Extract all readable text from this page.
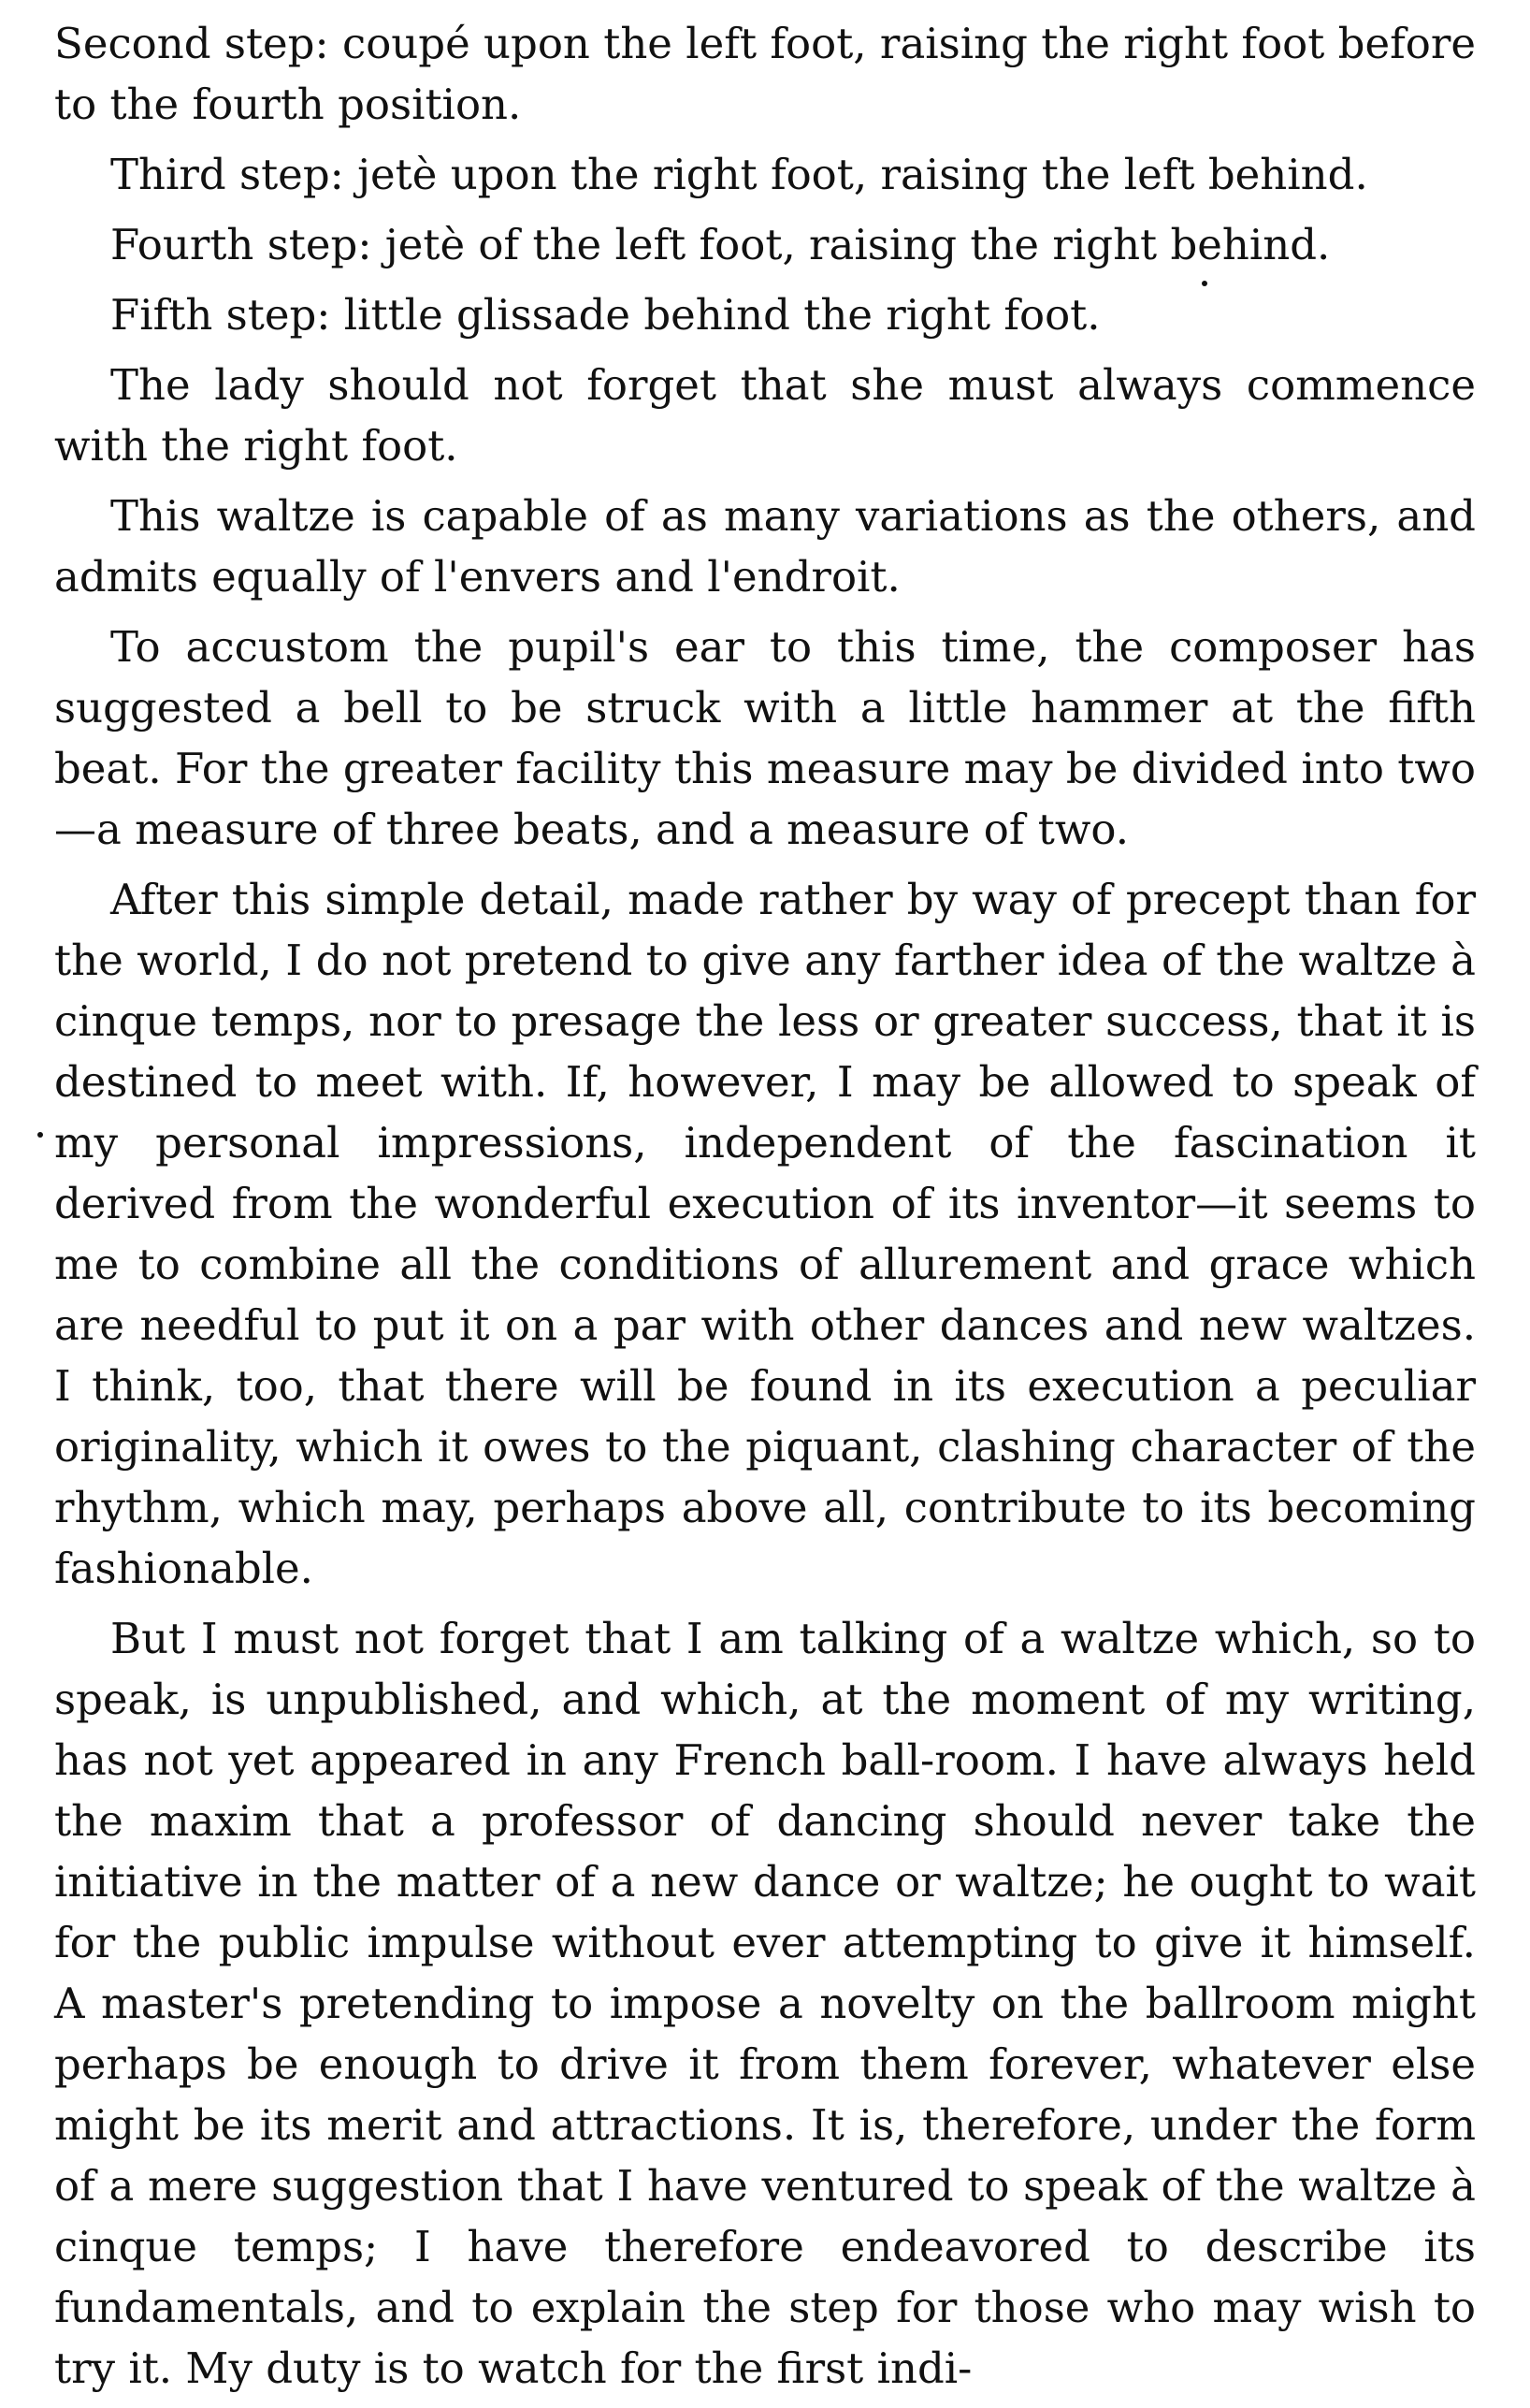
Second step: coupé upon the left foot, raising the right foot before to the fourth position.

Third step: jetè upon the right foot, raising the left behind.

Fourth step: jetè of the left foot, raising the right behind.

Fifth step: little glissade behind the right foot.

The lady should not forget that she must always commence with the right foot.

This waltze is capable of as many variations as the others, and admits equally of l'envers and l'endroit.

To accustom the pupil's ear to this time, the composer has suggested a bell to be struck with a little hammer at the fifth beat. For the greater facility this measure may be divided into two—a measure of three beats, and a measure of two.

After this simple detail, made rather by way of precept than for the world, I do not pretend to give any farther idea of the waltze à cinque temps, nor to presage the less or greater success, that it is destined to meet with. If, however, I may be allowed to speak of my personal impressions, independent of the fascination it derived from the wonderful execution of its inventor—it seems to me to combine all the conditions of allurement and grace which are needful to put it on a par with other dances and new waltzes. I think, too, that there will be found in its execution a peculiar originality, which it owes to the piquant, clashing character of the rhythm, which may, perhaps above all, contribute to its becoming fashionable.

But I must not forget that I am talking of a waltze which, so to speak, is unpublished, and which, at the moment of my writing, has not yet appeared in any French ball-room. I have always held the maxim that a professor of dancing should never take the initiative in the matter of a new dance or waltze; he ought to wait for the public impulse without ever attempting to give it himself. A master's pretending to impose a novelty on the ballroom might perhaps be enough to drive it from them forever, whatever else might be its merit and attractions. It is, therefore, under the form of a mere suggestion that I have ventured to speak of the waltze à cinque temps; I have therefore endeavored to describe its fundamentals, and to explain the step for those who may wish to try it. My duty is to watch for the first indi-
